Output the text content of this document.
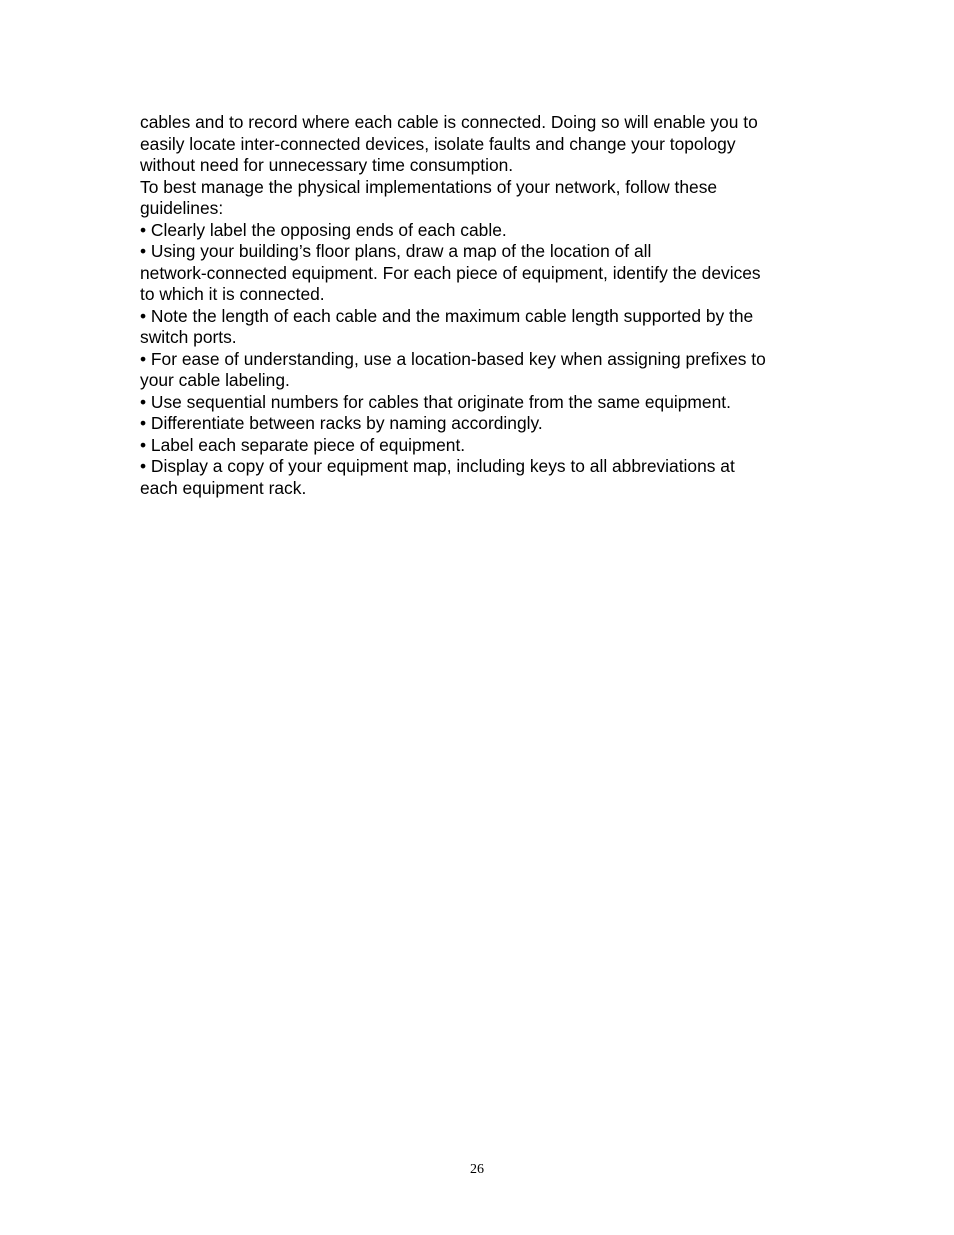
cables and to record where each cable is connected. Doing so will enable you to
easily locate inter-connected devices, isolate faults and change your topology
without need for unnecessary time consumption.
To best manage the physical implementations of your network, follow these
guidelines:
• Clearly label the opposing ends of each cable.
• Using your building’s floor plans, draw a map of the location of all
network-connected equipment. For each piece of equipment, identify the devices
to which it is connected.
• Note the length of each cable and the maximum cable length supported by the
switch ports.
• For ease of understanding, use a location-based key when assigning prefixes to
your cable labeling.
• Use sequential numbers for cables that originate from the same equipment.
• Differentiate between racks by naming accordingly.
• Label each separate piece of equipment.
• Display a copy of your equipment map, including keys to all abbreviations at
each equipment rack.
26
